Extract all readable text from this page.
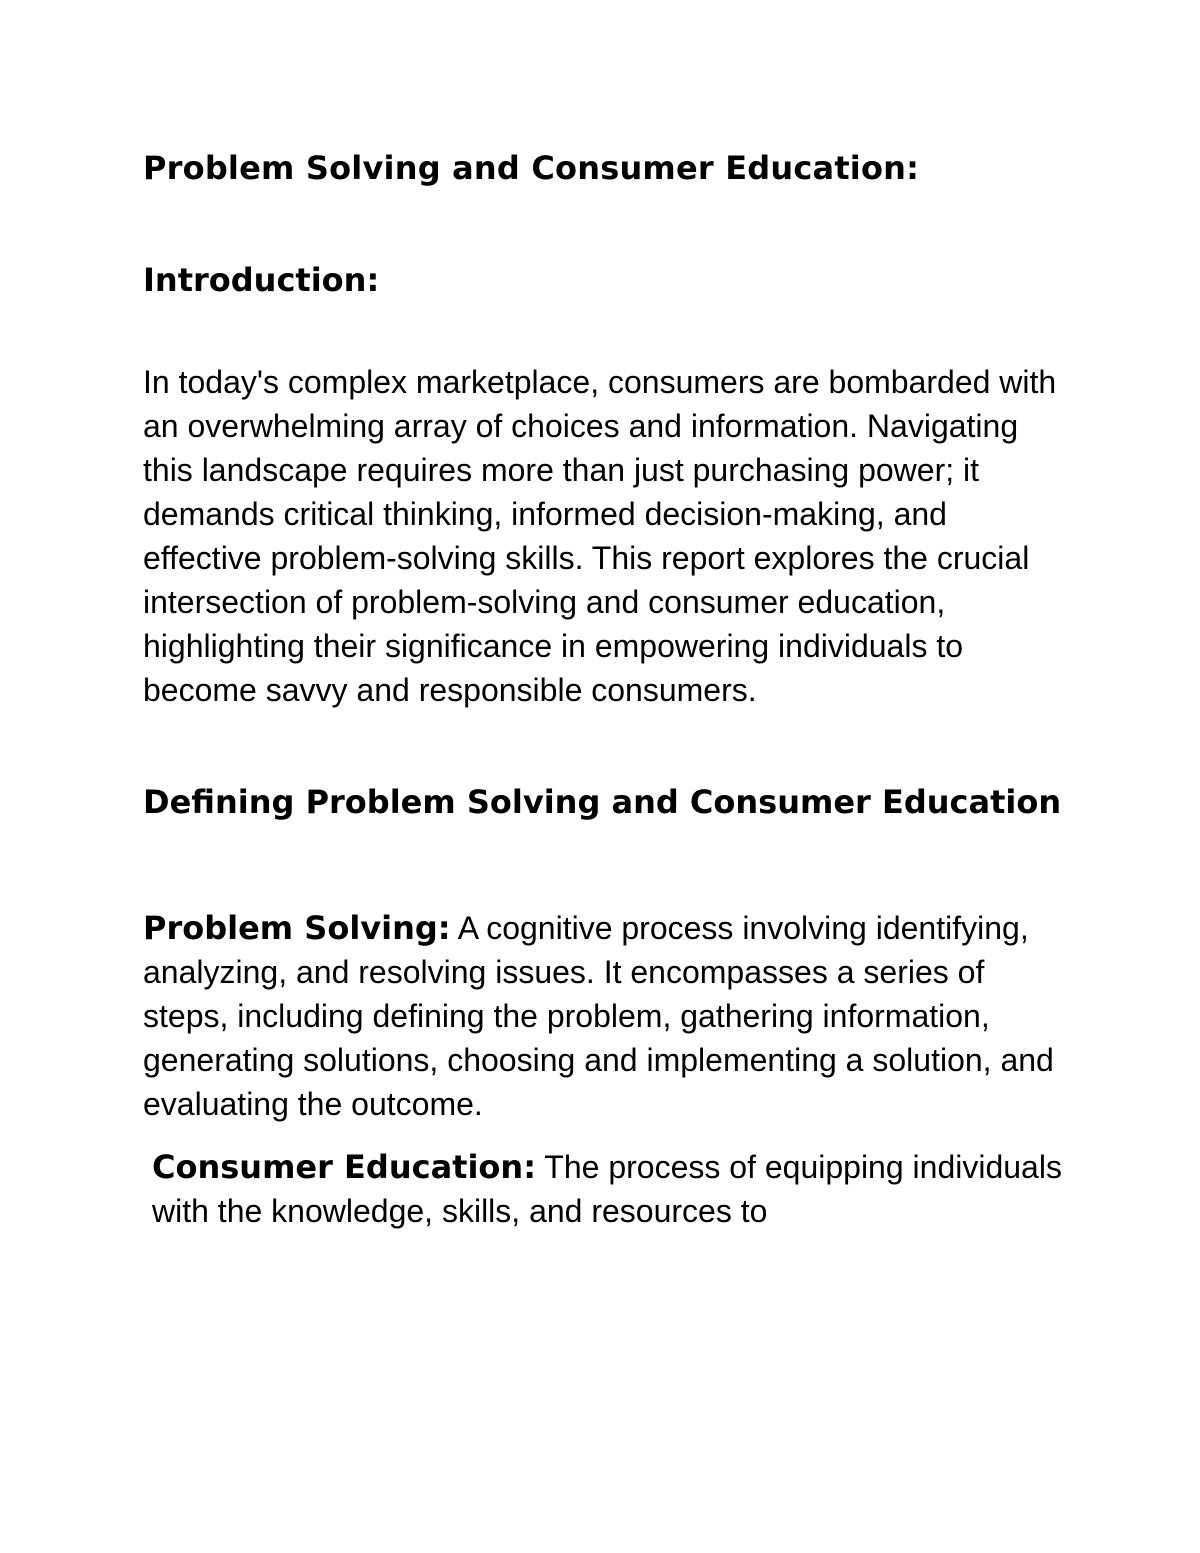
Problem Solving and Consumer Education:
Introduction:

In today's complex marketplace, consumers are bombarded with an overwhelming array of choices and information. Navigating this landscape requires more than just purchasing power; it demands critical thinking, informed decision-making, and effective problem-solving skills. This report explores the crucial intersection of problem-solving and consumer education, highlighting their significance in empowering individuals to become savvy and responsible consumers.

Defining Problem Solving and Consumer Education

Problem Solving: A cognitive process involving identifying, analyzing, and resolving issues. It encompasses a series of steps, including defining the problem, gathering information, generating solutions, choosing and implementing a solution, and evaluating the outcome.

Consumer Education: The process of equipping individuals with the knowledge, skills, and resources to
